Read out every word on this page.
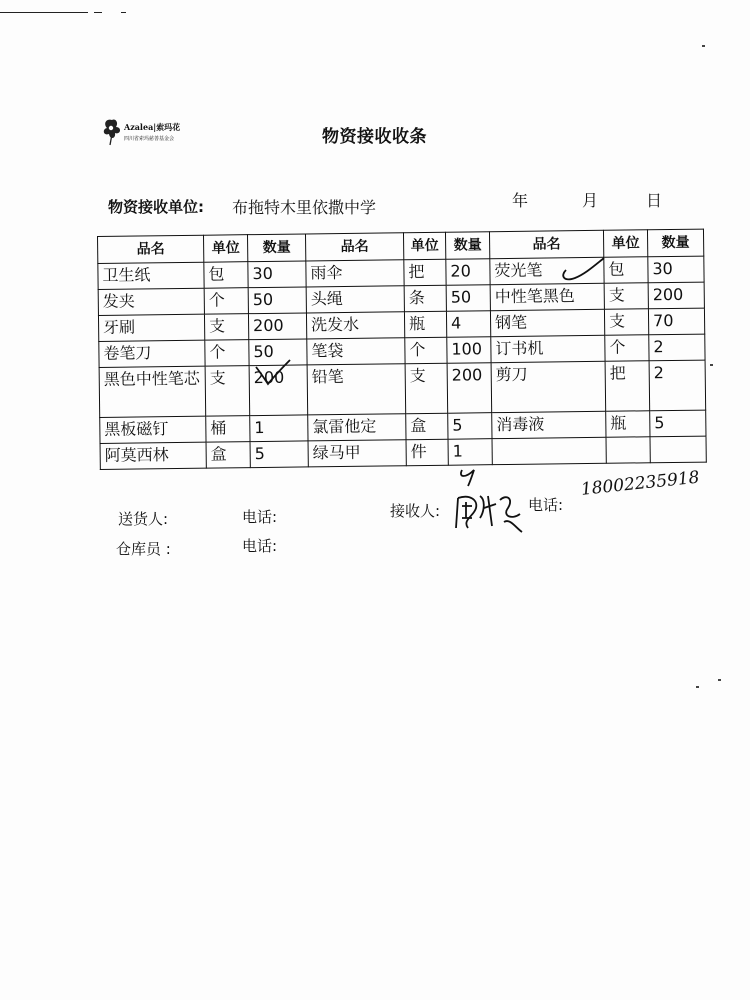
Azalea|索玛花
四川省索玛慈善基金会	物资接收收条
物资接收单位: 布拖特木里依撒中学	年	月	日
品名	单位	数量	品名	单位	数量	品名	单位	数量
卫生纸	包	30	雨伞	把	20	荧光笔	包	30
发夹	个	50	头绳	条	50	中性笔黑色	支	200
牙刷	支	200	洗发水	瓶	4	钢笔	支	70
卷笔刀	个	50	笔袋	个	100	订书机	个	2
黑色中性笔芯	支	200	铅笔	支	200	剪刀	把	2
黑板磁钉	桶	1	氯雷他定	盒	5	消毒液	瓶	5
阿莫西林	盒	5	绿马甲	件	1			
送货人:	电话:	接收人:	电话:
仓库员 :	电话:
18002235918
